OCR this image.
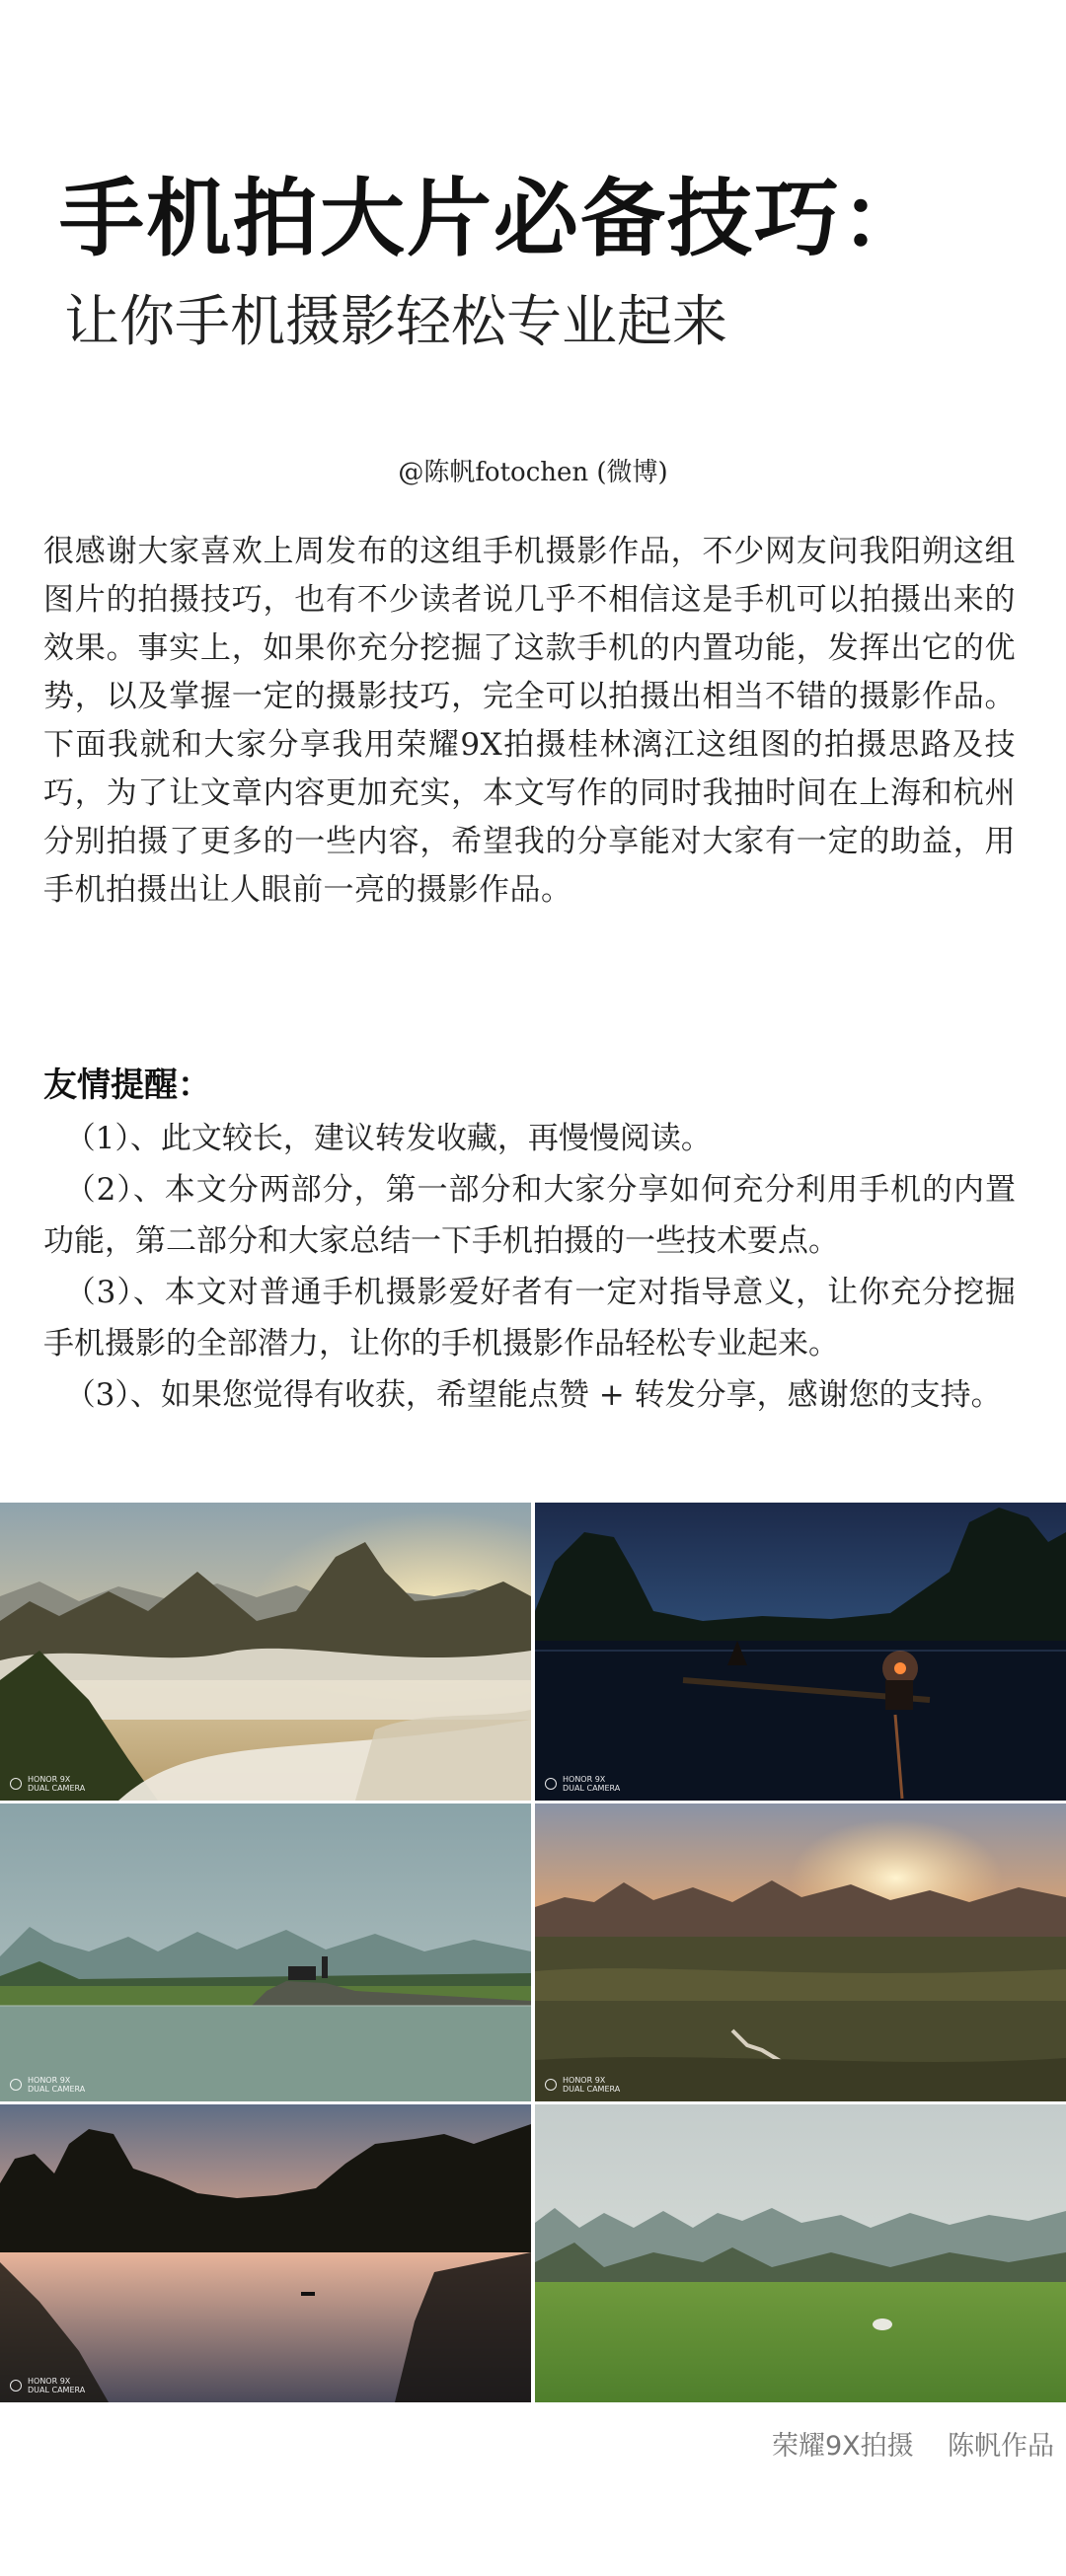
手机拍大片必备技巧：
让你手机摄影轻松专业起来
@陈帆fotochen (微博)

很感谢大家喜欢上周发布的这组手机摄影作品，不少网友问我阳朔这组图片的拍摄技巧，也有不少读者说几乎不相信这是手机可以拍摄出来的效果。事实上，如果你充分挖掘了这款手机的内置功能，发挥出它的优势，以及掌握一定的摄影技巧，完全可以拍摄出相当不错的摄影作品。下面我就和大家分享我用荣耀9X拍摄桂林漓江这组图的拍摄思路及技巧，为了让文章内容更加充实，本文写作的同时我抽时间在上海和杭州分别拍摄了更多的一些内容，希望我的分享能对大家有一定的助益，用手机拍摄出让人眼前一亮的摄影作品。

友情提醒：
（1）、此文较长，建议转发收藏，再慢慢阅读。
（2）、本文分两部分，第一部分和大家分享如何充分利用手机的内置功能，第二部分和大家总结一下手机拍摄的一些技术要点。
（3）、本文对普通手机摄影爱好者有一定对指导意义，让你充分挖掘手机摄影的全部潜力，让你的手机摄影作品轻松专业起来。
（3）、如果您觉得有收获，希望能点赞 + 转发分享，感谢您的支持。
HONOR 9X
DUAL CAMERA
HONOR 9X
DUAL CAMERA
HONOR 9X
DUAL CAMERA
HONOR 9X
DUAL CAMERA
HONOR 9X
DUAL CAMERA
荣耀9X拍摄    陈帆作品
